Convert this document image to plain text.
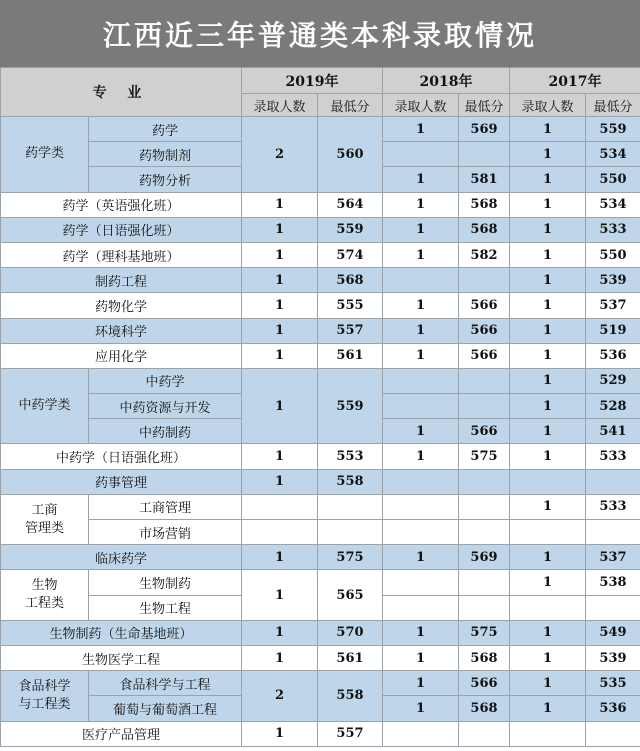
江西近三年普通类本科录取情况
专 业		2019年		2018年		2017年	
		录取人数	最低分	录取人数	最低分	录取人数	最低分
药学类	药学	2	560	1	569	1	559
	药物制剂					1	534
	药物分析			1	581	1	550
药学（英语强化班）		1	564	1	568	1	534
药学（日语强化班）		1	559	1	568	1	533
药学（理科基地班）		1	574	1	582	1	550
制药工程		1	568			1	539
药物化学		1	555	1	566	1	537
环境科学		1	557	1	566	1	519
应用化学		1	561	1	566	1	536
中药学类	中药学	1	559			1	529
	中药资源与开发					1	528
	中药制药			1	566	1	541
中药学（日语强化班）		1	553	1	575	1	533
药事管理		1	558				
工商
管理类	工商管理					1	533
	市场营销						
临床药学		1	575	1	569	1	537
生物
工程类	生物制药	1	565			1	538
	生物工程						
生物制药（生命基地班）		1	570	1	575	1	549
生物医学工程		1	561	1	568	1	539
食品科学
与工程类	食品科学与工程	2	558	1	566	1	535
	葡萄与葡萄酒工程			1	568	1	536
医疗产品管理		1	557				
